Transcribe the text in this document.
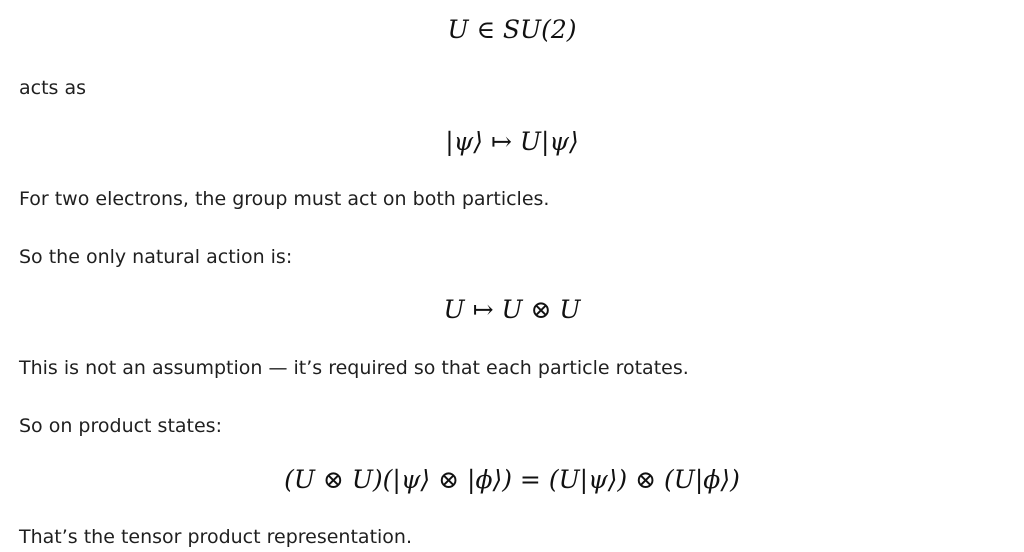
U ∈ SU(2)
acts as
|ψ⟩ ↦ U|ψ⟩
For two electrons, the group must act on both particles.
So the only natural action is:
U ↦ U ⊗ U
This is not an assumption — it’s required so that each particle rotates.
So on product states:
(U ⊗ U)(|ψ⟩ ⊗ |ϕ⟩) = (U|ψ⟩) ⊗ (U|ϕ⟩)
That’s the tensor product representation.
